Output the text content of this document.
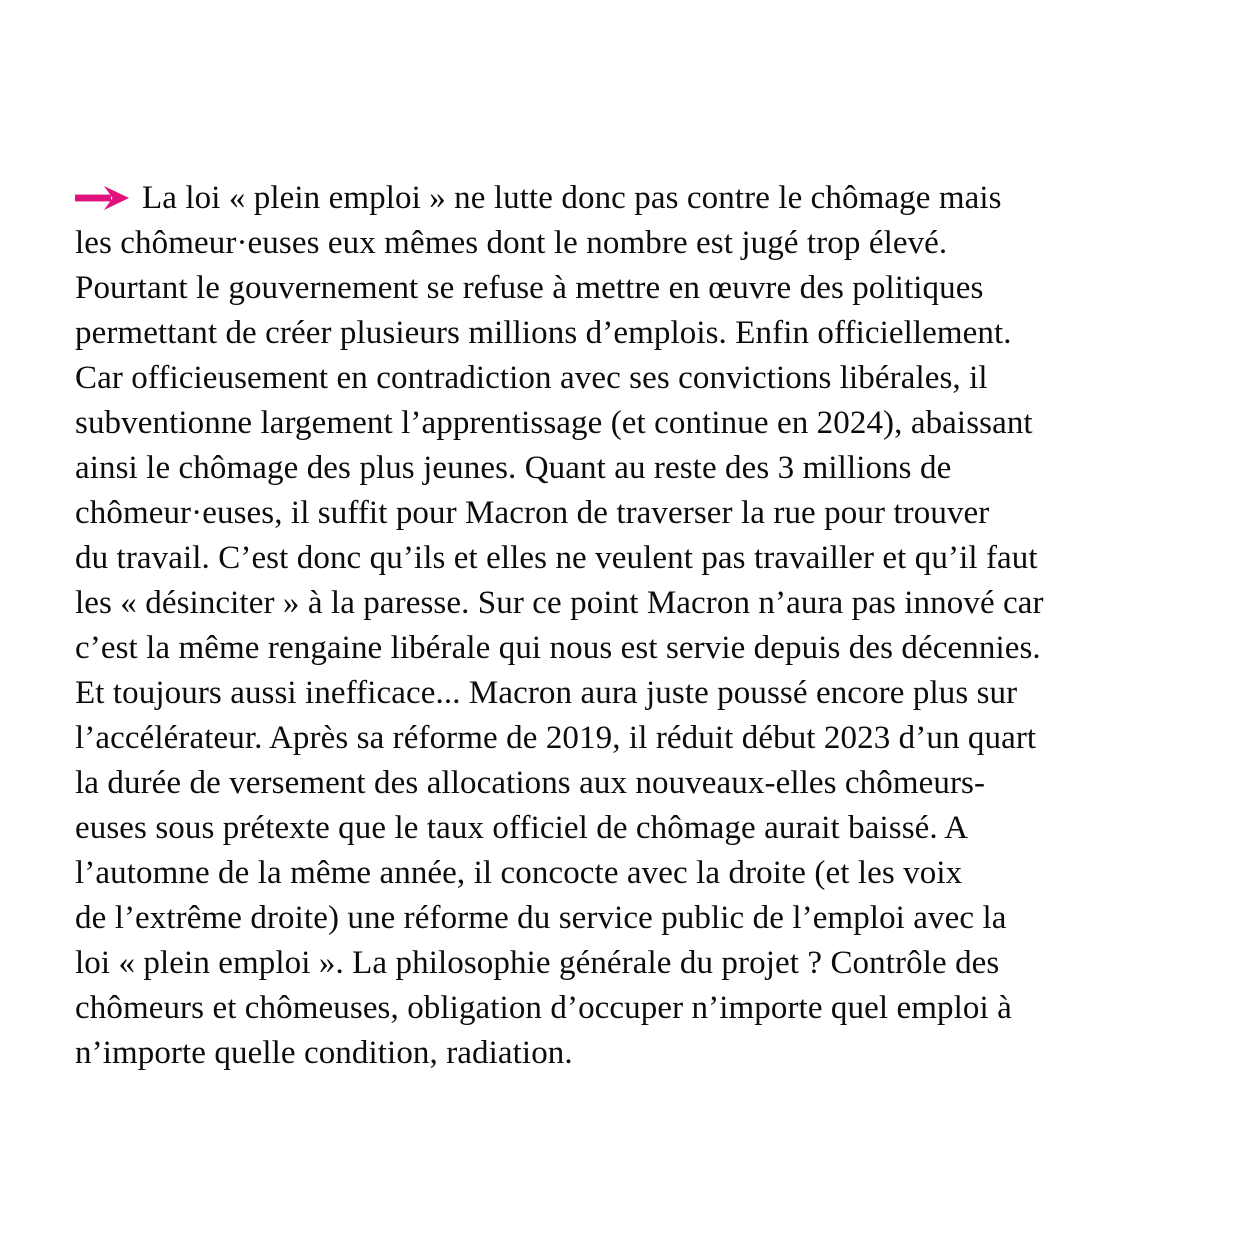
La loi « plein emploi » ne lutte donc pas contre le chômage mais
les chômeur·euses eux mêmes dont le nombre est jugé trop élevé.
Pourtant le gouvernement se refuse à mettre en œuvre des politiques
permettant de créer plusieurs millions d’emplois. Enfin officiellement.
Car officieusement en contradiction avec ses convictions libérales, il
subventionne largement l’apprentissage (et continue en 2024), abaissant
ainsi le chômage des plus jeunes. Quant au reste des 3 millions de
chômeur·euses, il suffit pour Macron de traverser la rue pour trouver
du travail. C’est donc qu’ils et elles ne veulent pas travailler et qu’il faut
les « désinciter » à la paresse. Sur ce point Macron n’aura pas innové car
c’est la même rengaine libérale qui nous est servie depuis des décennies.
Et toujours aussi inefficace... Macron aura juste poussé encore plus sur
l’accélérateur. Après sa réforme de 2019, il réduit début 2023 d’un quart
la durée de versement des allocations aux nouveaux-elles chômeurs-
euses sous prétexte que le taux officiel de chômage aurait baissé. A
l’automne de la même année, il concocte avec la droite (et les voix
de l’extrême droite) une réforme du service public de l’emploi avec la
loi « plein emploi ». La philosophie générale du projet ? Contrôle des
chômeurs et chômeuses, obligation d’occuper n’importe quel emploi à
n’importe quelle condition, radiation.
